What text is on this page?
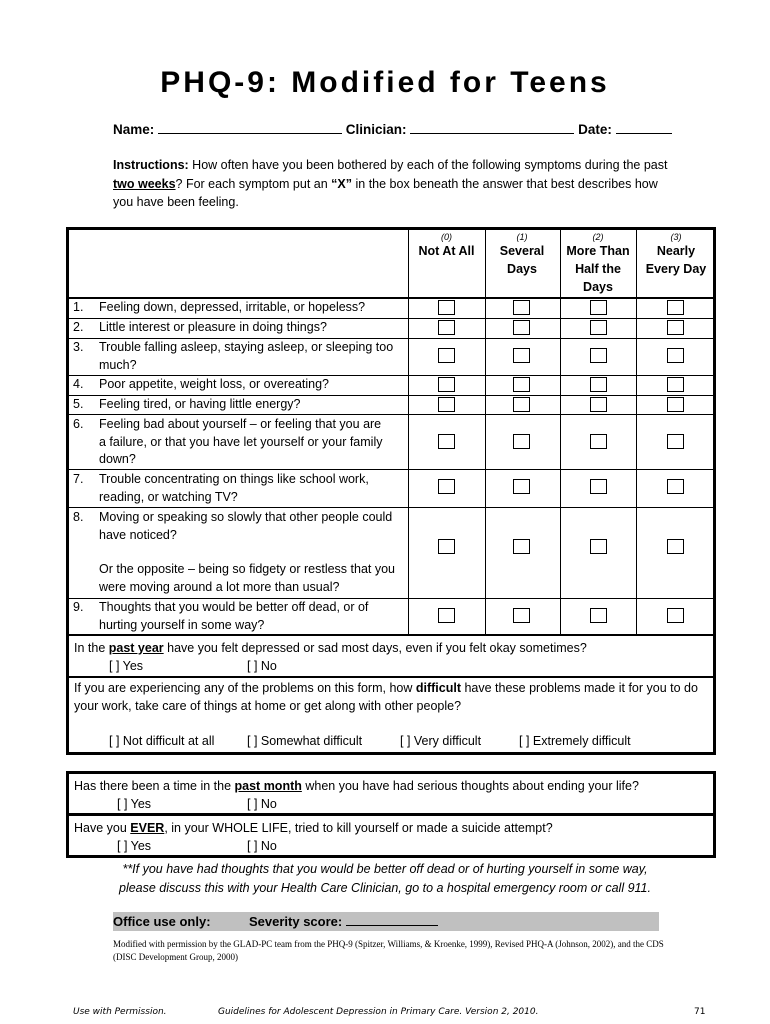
PHQ-9: Modified for Teens
Name:	Clinician:	Date:
Instructions: How often have you been bothered by each of the following symptoms during the past two weeks? For each symptom put an “X” in the box beneath the answer that best describes how you have been feeling.
(0)
Not At All
(1)
Several Days
(2)
More Than Half the Days
(3)
Nearly Every Day
1. Feeling down, depressed, irritable, or hopeless?
2. Little interest or pleasure in doing things?
3.	Trouble falling asleep, staying asleep, or sleeping too much?
4. Poor appetite, weight loss, or overeating?
5. Feeling tired, or having little energy?
6.	Feeling bad about yourself – or feeling that you are a failure, or that you have let yourself or your family down?
7.	Trouble concentrating on things like school work, reading, or watching TV?
8.	Moving or speaking so slowly that other people could have noticed?
Or the opposite – being so fidgety or restless that you were moving around a lot more than usual?
9.	Thoughts that you would be better off dead, or of hurting yourself in some way?
In the past year have you felt depressed or sad most days, even if you felt okay sometimes?
[ ] Yes	[ ] No
If you are experiencing any of the problems on this form, how difficult have these problems made it for you to do your work, take care of things at home or get along with other people?
[ ] Not difficult at all	[ ] Somewhat difficult	[ ] Very difficult	[ ] Extremely difficult
Has there been a time in the past month when you have had serious thoughts about ending your life?
[ ] Yes	[ ] No
Have you EVER, in your WHOLE LIFE, tried to kill yourself or made a suicide attempt?
[ ] Yes	[ ] No
**If you have had thoughts that you would be better off dead or of hurting yourself in some way,
please discuss this with your Health Care Clinician, go to a hospital emergency room or call 911.
Office use only:	Severity score:
Modified with permission by the GLAD-PC team from the PHQ-9 (Spitzer, Williams, & Kroenke, 1999), Revised PHQ-A (Johnson, 2002), and the CDS (DISC Development Group, 2000)
Use with Permission.	Guidelines for Adolescent Depression in Primary Care. Version 2, 2010.	71
